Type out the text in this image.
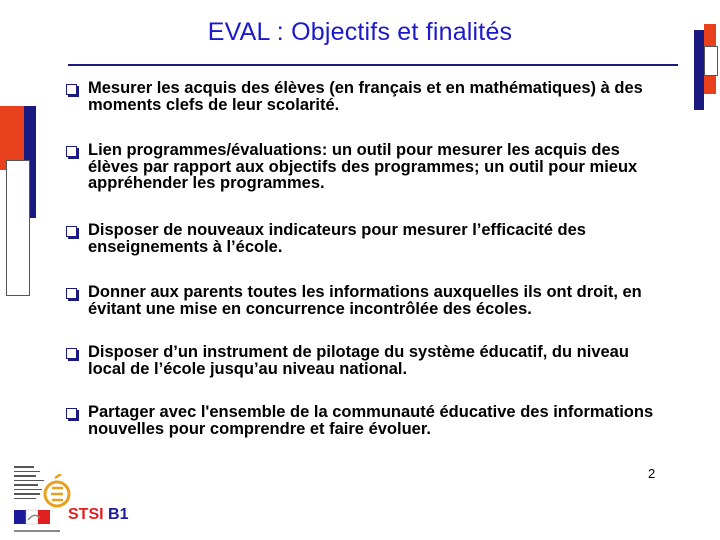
EVAL : Objectifs et finalités
Mesurer les acquis des élèves (en français et en mathématiques) à des moments clefs de leur scolarité.
Lien programmes/évaluations: un outil pour mesurer les acquis des élèves par rapport aux objectifs des programmes; un outil pour mieux appréhender les programmes.
Disposer de nouveaux indicateurs pour mesurer l’efficacité des enseignements à l’école.
Donner aux parents toutes les informations auxquelles ils ont droit, en évitant une mise en concurrence incontrôlée des écoles.
Disposer d’un instrument de pilotage du système éducatif, du niveau local de l’école jusqu’au niveau national.
Partager avec l'ensemble de la communauté éducative des informations nouvelles pour comprendre et faire évoluer.
2
STSI B1
